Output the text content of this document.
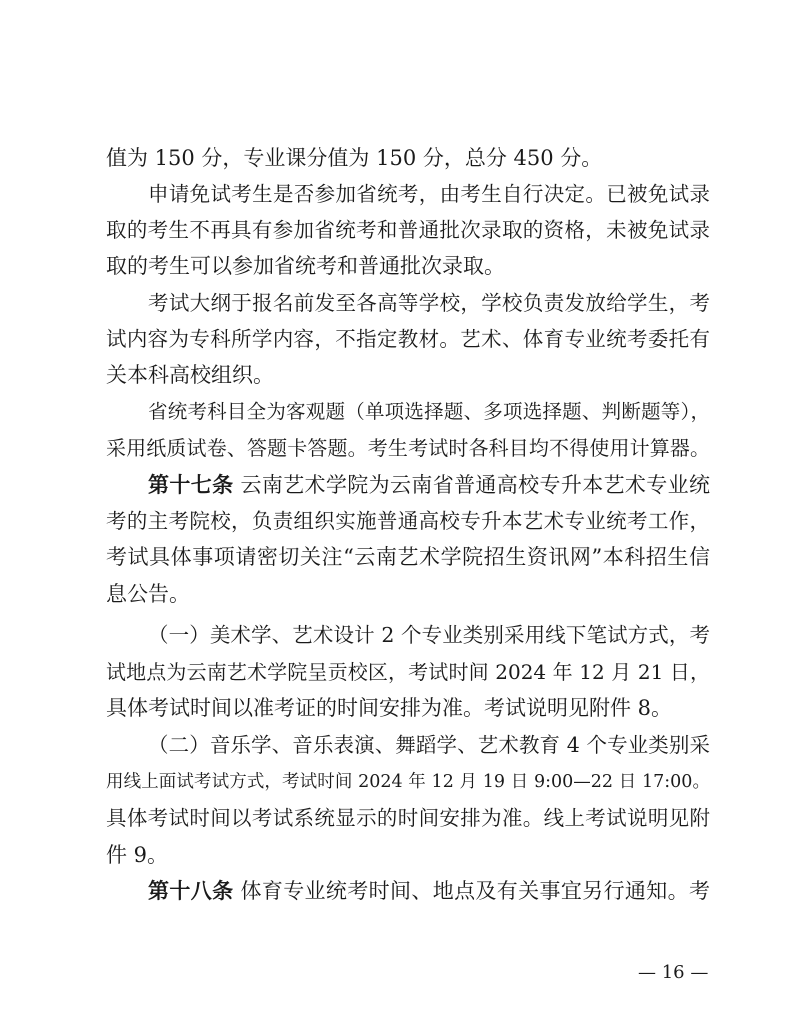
值为 150 分，专业课分值为 150 分，总分 450 分。
申请免试考生是否参加省统考，由考生自行决定。已被免试录
取的考生不再具有参加省统考和普通批次录取的资格，未被免试录
取的考生可以参加省统考和普通批次录取。
考试大纲于报名前发至各高等学校，学校负责发放给学生，考
试内容为专科所学内容，不指定教材。艺术、体育专业统考委托有
关本科高校组织。
省统考科目全为客观题（单项选择题、多项选择题、判断题等），
采用纸质试卷、答题卡答题。考生考试时各科目均不得使用计算器。
第十七条 云南艺术学院为云南省普通高校专升本艺术专业统
考的主考院校，负责组织实施普通高校专升本艺术专业统考工作，
考试具体事项请密切关注“云南艺术学院招生资讯网”本科招生信
息公告。
（一）美术学、艺术设计 2 个专业类别采用线下笔试方式，考
试地点为云南艺术学院呈贡校区，考试时间 2024 年 12 月 21 日，
具体考试时间以准考证的时间安排为准。考试说明见附件 8。
（二）音乐学、音乐表演、舞蹈学、艺术教育 4 个专业类别采
用线上面试考试方式，考试时间 2024 年 12 月 19 日 9:00—22 日 17:00。
具体考试时间以考试系统显示的时间安排为准。线上考试说明见附
件 9。
第十八条 体育专业统考时间、地点及有关事宜另行通知。考
— 16 —
